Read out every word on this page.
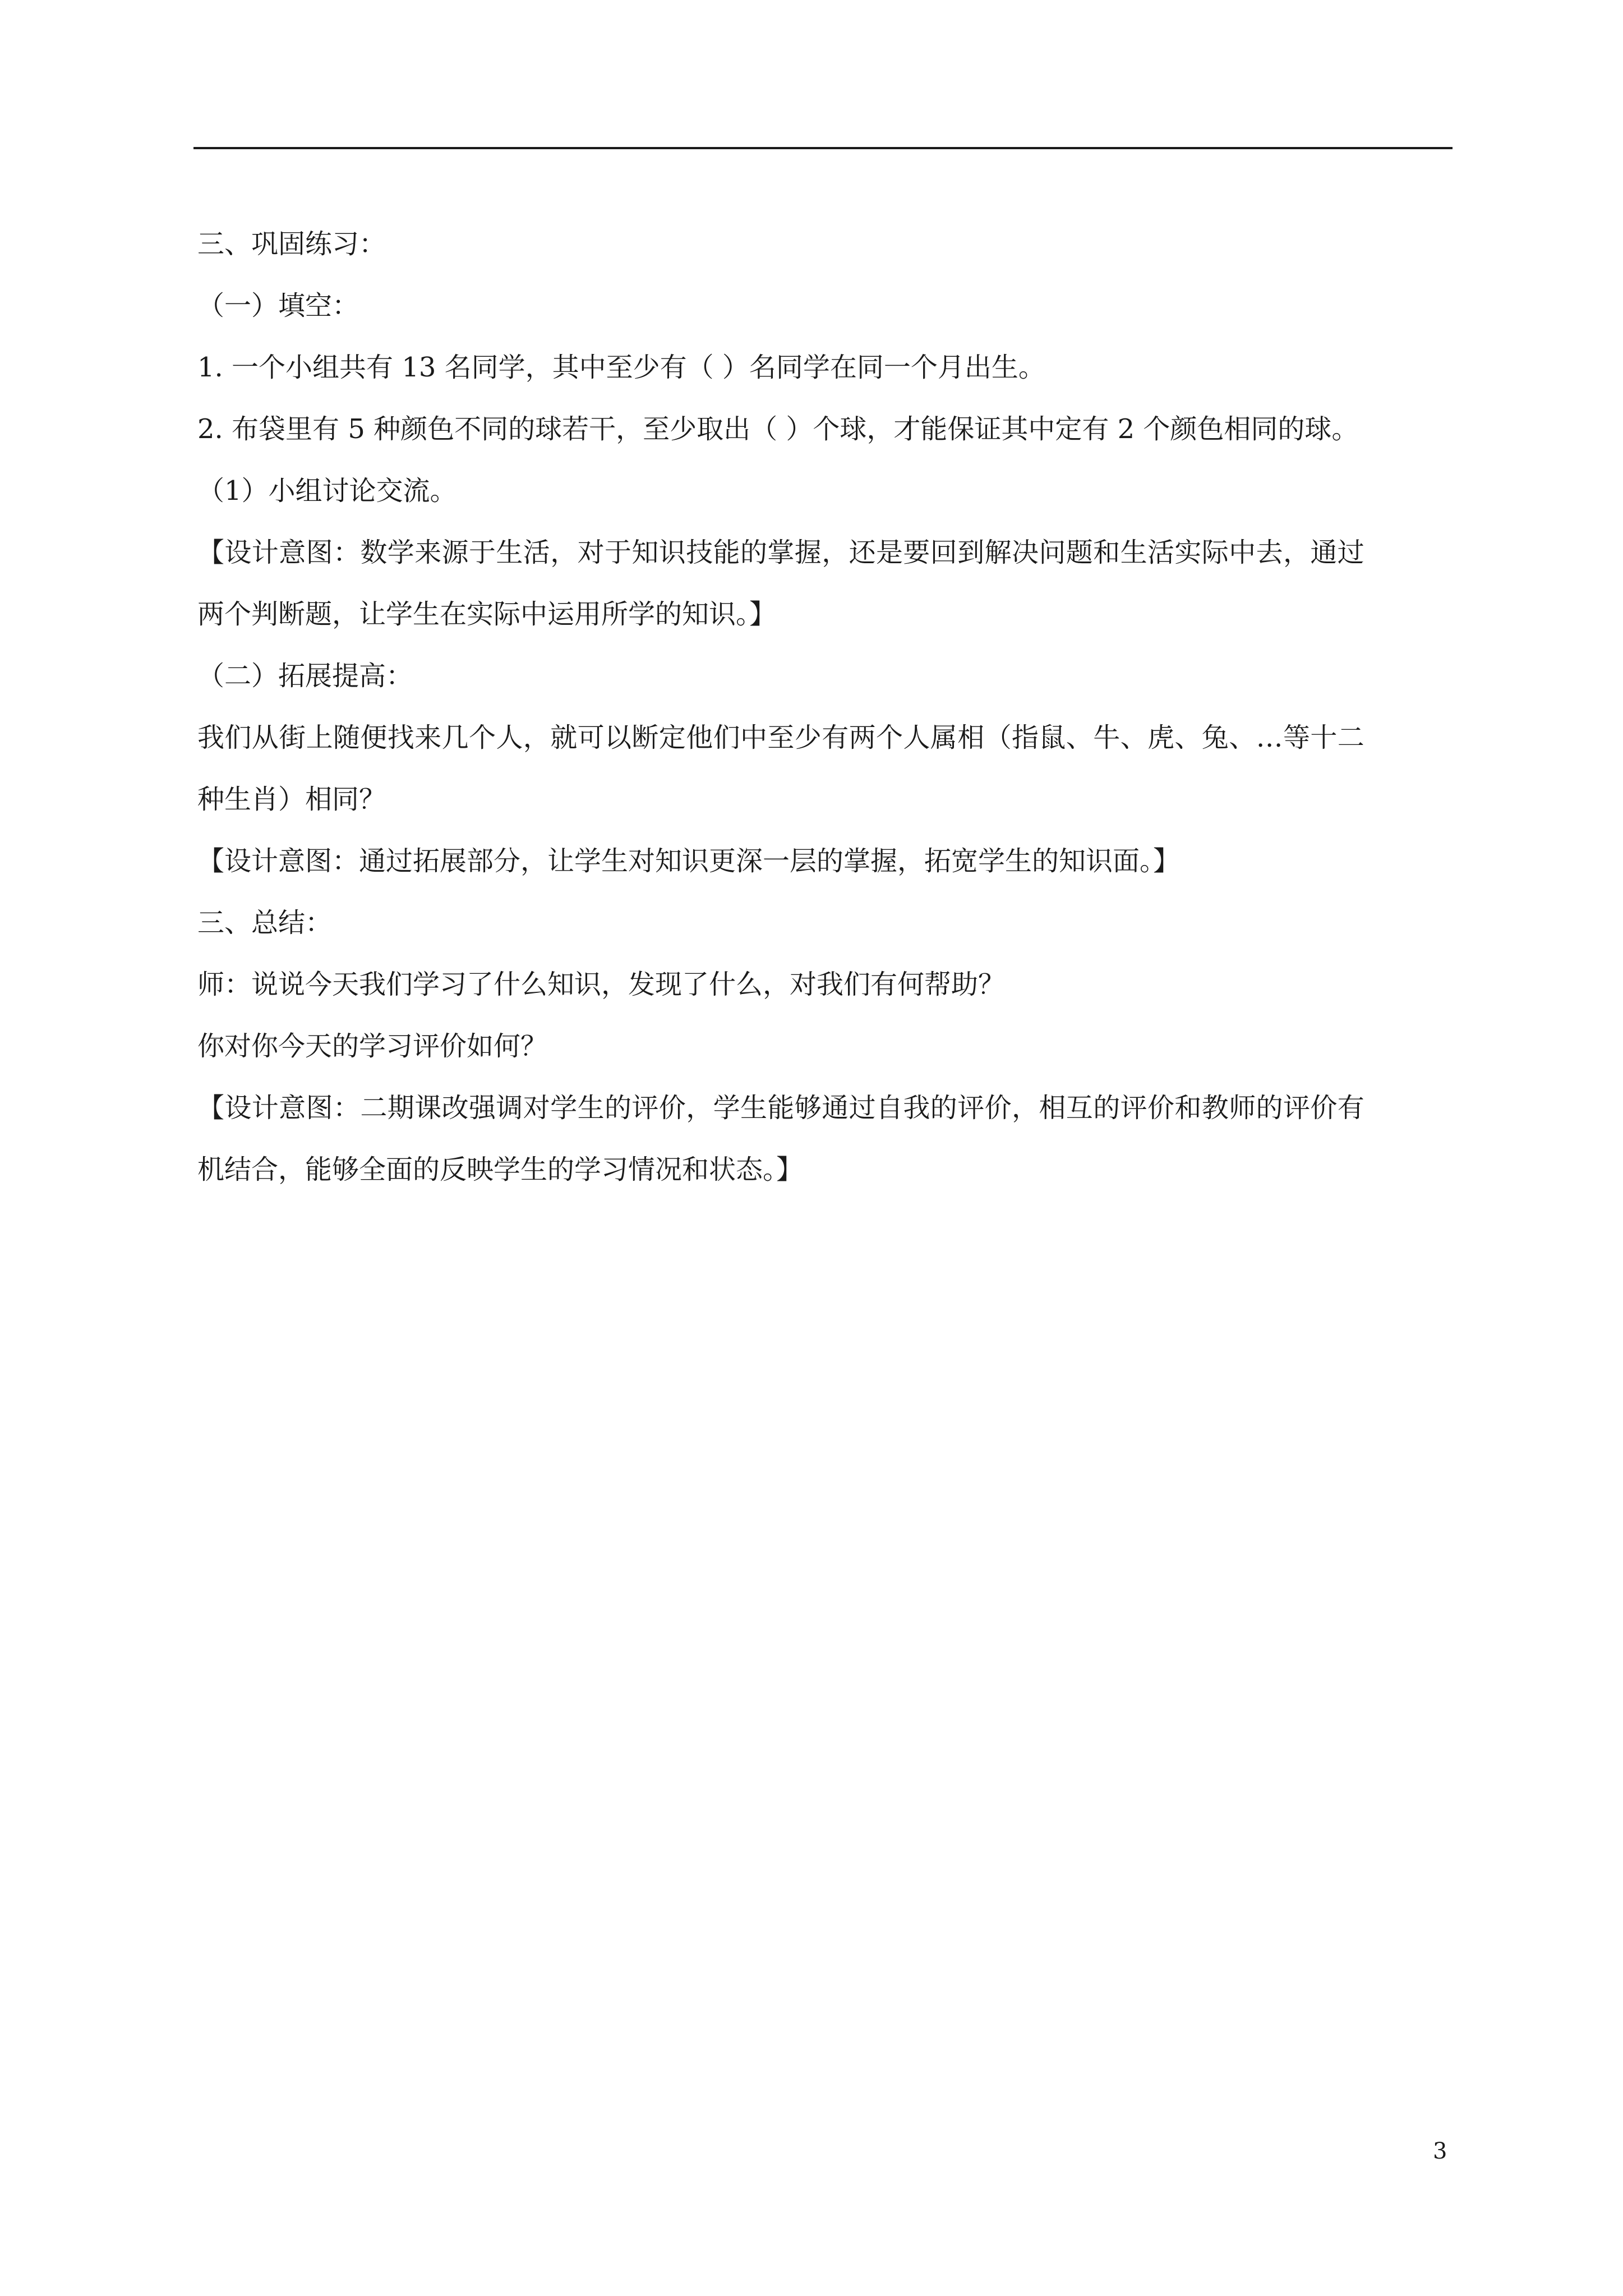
三、巩固练习：
（一）填空：
1. 一个小组共有 13 名同学，其中至少有（ ）名同学在同一个月出生。
2. 布袋里有 5 种颜色不同的球若干，至少取出（ ）个球，才能保证其中定有 2 个颜色相同的球。
（1）小组讨论交流。
【设计意图：数学来源于生活，对于知识技能的掌握，还是要回到解决问题和生活实际中去，通过
两个判断题，让学生在实际中运用所学的知识。】
（二）拓展提高：
我们从街上随便找来几个人，就可以断定他们中至少有两个人属相（指鼠、牛、虎、兔、…等十二
种生肖）相同？
【设计意图：通过拓展部分，让学生对知识更深一层的掌握，拓宽学生的知识面。】
三、总结：
师：说说今天我们学习了什么知识，发现了什么，对我们有何帮助？
你对你今天的学习评价如何？
【设计意图：二期课改强调对学生的评价，学生能够通过自我的评价，相互的评价和教师的评价有
机结合，能够全面的反映学生的学习情况和状态。】
3
